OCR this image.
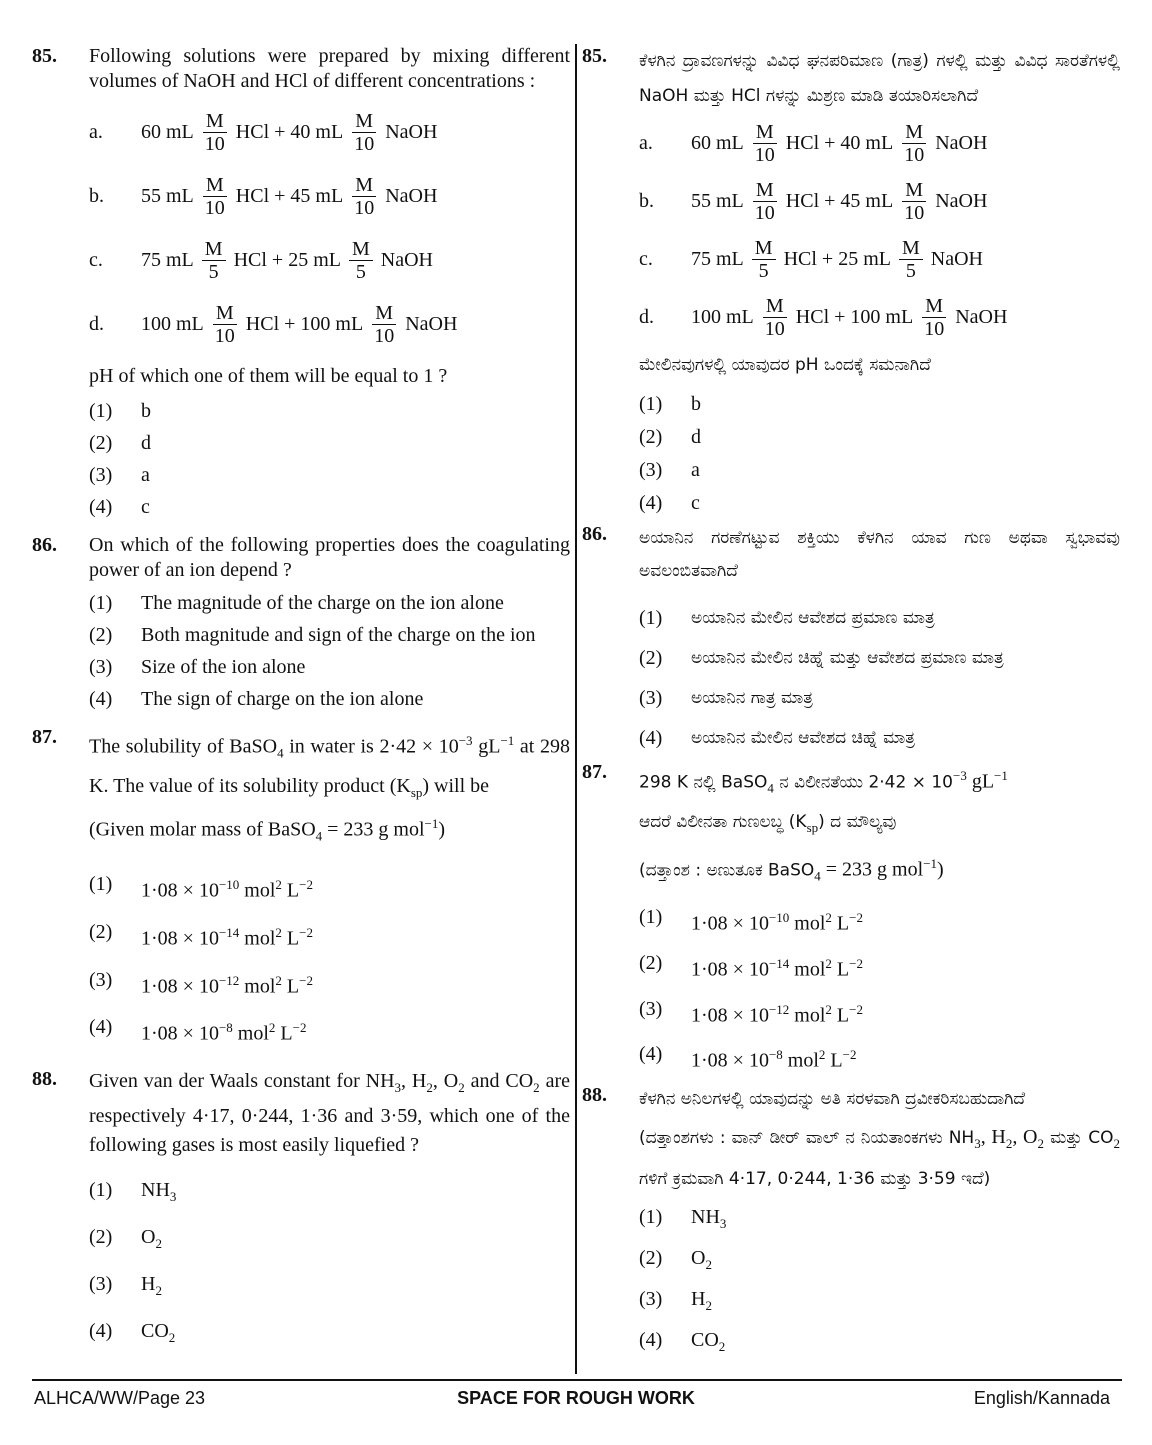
85. Following solutions were prepared by mixing different volumes of NaOH and HCl of different concentrations :
a. 60 mL $\frac{M}{10}$ HCl + 40 mL $\frac{M}{10}$ NaOH
b. 55 mL $\frac{M}{10}$ HCl + 45 mL $\frac{M}{10}$ NaOH
c. 75 mL $\frac{M}{5}$ HCl + 25 mL $\frac{M}{5}$ NaOH
d. 100 mL $\frac{M}{10}$ HCl + 100 mL $\frac{M}{10}$ NaOH
pH of which one of them will be equal to 1 ?
(1) b
(2) d
(3) a
(4) c
86. On which of the following properties does the coagulating power of an ion depend ?
(1) The magnitude of the charge on the ion alone
(2) Both magnitude and sign of the charge on the ion
(3) Size of the ion alone
(4) The sign of charge on the ion alone
87. The solubility of BaSO$_4$ in water is $2\cdot 42 \times 10^{-3}$ $gL^{-1}$ at 298 K. The value of its solubility product $(K_{sp})$ will be
(Given molar mass of BaSO$_4$ = 233 g mol$^{-1}$)
(1) $1\cdot 08 \times 10^{-10}$ mol$^2$ $L^{-2}$
(2) $1\cdot 08 \times 10^{-14}$ mol$^2$ $L^{-2}$
(3) $1\cdot 08 \times 10^{-12}$ mol$^2$ $L^{-2}$
(4) $1\cdot 08 \times 10^{-8}$ mol$^2$ $L^{-2}$
88. Given van der Waals constant for $NH_3$, $H_2$, $O_2$ and $CO_2$ are respectively 4·17, 0·244, 1·36 and 3·59, which one of the following gases is most easily liquefied ?
(1) $NH_3$
(2) $O_2$
(3) $H_2$
(4) $CO_2$
85. ಕೆಳಗಿನ ದ್ರಾವಣಗಳನ್ನು ವಿವಿಧ ಘನಪರಿಮಾಣ (ಗಾತ್ರ) ಗಳಲ್ಲಿ ಮತ್ತು ವಿವಿಧ ಸಾರತೆಗಳಲ್ಲಿ NaOH ಮತ್ತು HCl ಗಳನ್ನು ಮಿಶ್ರಣ ಮಾಡಿ ತಯಾರಿಸಲಾಗಿದೆ
a. 60 mL $\frac{M}{10}$ HCl + 40 mL $\frac{M}{10}$ NaOH
b. 55 mL $\frac{M}{10}$ HCl + 45 mL $\frac{M}{10}$ NaOH
c. 75 mL $\frac{M}{5}$ HCl + 25 mL $\frac{M}{5}$ NaOH
d. 100 mL $\frac{M}{10}$ HCl + 100 mL $\frac{M}{10}$ NaOH
ಮೇಲಿನವುಗಳಲ್ಲಿ ಯಾವುದರ pH ಒಂದಕ್ಕೆ ಸಮನಾಗಿದೆ
(1) b
(2) d
(3) a
(4) c
86. ಅಯಾನಿನ ಗರಣೆಗಟ್ಟುವ ಶಕ್ತಿಯು ಕೆಳಗಿನ ಯಾವ ಗುಣ ಅಥವಾ ಸ್ವಭಾವವು ಅವಲಂಬಿತವಾಗಿದೆ
(1) ಅಯಾನಿನ ಮೇಲಿನ ಆವೇಶದ ಪ್ರಮಾಣ ಮಾತ್ರ
(2) ಅಯಾನಿನ ಮೇಲಿನ ಚಿಹ್ನೆ ಮತ್ತು ಆವೇಶದ ಪ್ರಮಾಣ ಮಾತ್ರ
(3) ಅಯಾನಿನ ಗಾತ್ರ ಮಾತ್ರ
(4) ಅಯಾನಿನ ಮೇಲಿನ ಆವೇಶದ ಚಿಹ್ನೆ ಮಾತ್ರ
87. 298 K ನಲ್ಲಿ BaSO$_4$ ನ ವಿಲೀನತೆಯು $2\cdot 42 \times 10^{-3}$ $gL^{-1}$
ಆದರೆ ವಿಲೀನತಾ ಗುಣಲಬ್ಧ $(K_{sp})$ ದ ಮೌಲ್ಯವು
(ದತ್ತಾಂಶ : ಅಣುತೂಕ BaSO$_4$ = 233 g mol$^{-1}$)
(1) $1\cdot 08 \times 10^{-10}$ mol$^2$ $L^{-2}$
(2) $1\cdot 08 \times 10^{-14}$ mol$^2$ $L^{-2}$
(3) $1\cdot 08 \times 10^{-12}$ mol$^2$ $L^{-2}$
(4) $1\cdot 08 \times 10^{-8}$ mol$^2$ $L^{-2}$
88. ಕೆಳಗಿನ ಅನಿಲಗಳಲ್ಲಿ ಯಾವುದನ್ನು ಅತಿ ಸರಳವಾಗಿ ದ್ರವೀಕರಿಸಬಹುದಾಗಿದೆ
(ದತ್ತಾಂಶಗಳು : ವಾನ್ ಡೀರ್ ವಾಲ್ ನ ನಿಯತಾಂಕಗಳು $NH_3$, $H_2$, $O_2$ ಮತ್ತು $CO_2$ ಗಳಿಗೆ ಕ್ರಮವಾಗಿ 4·17, 0·244, 1·36 ಮತ್ತು 3·59 ಇದೆ)
(1) $NH_3$
(2) $O_2$
(3) $H_2$
(4) $CO_2$
ALHCA/WW/Page 23	SPACE FOR ROUGH WORK	English/Kannada
